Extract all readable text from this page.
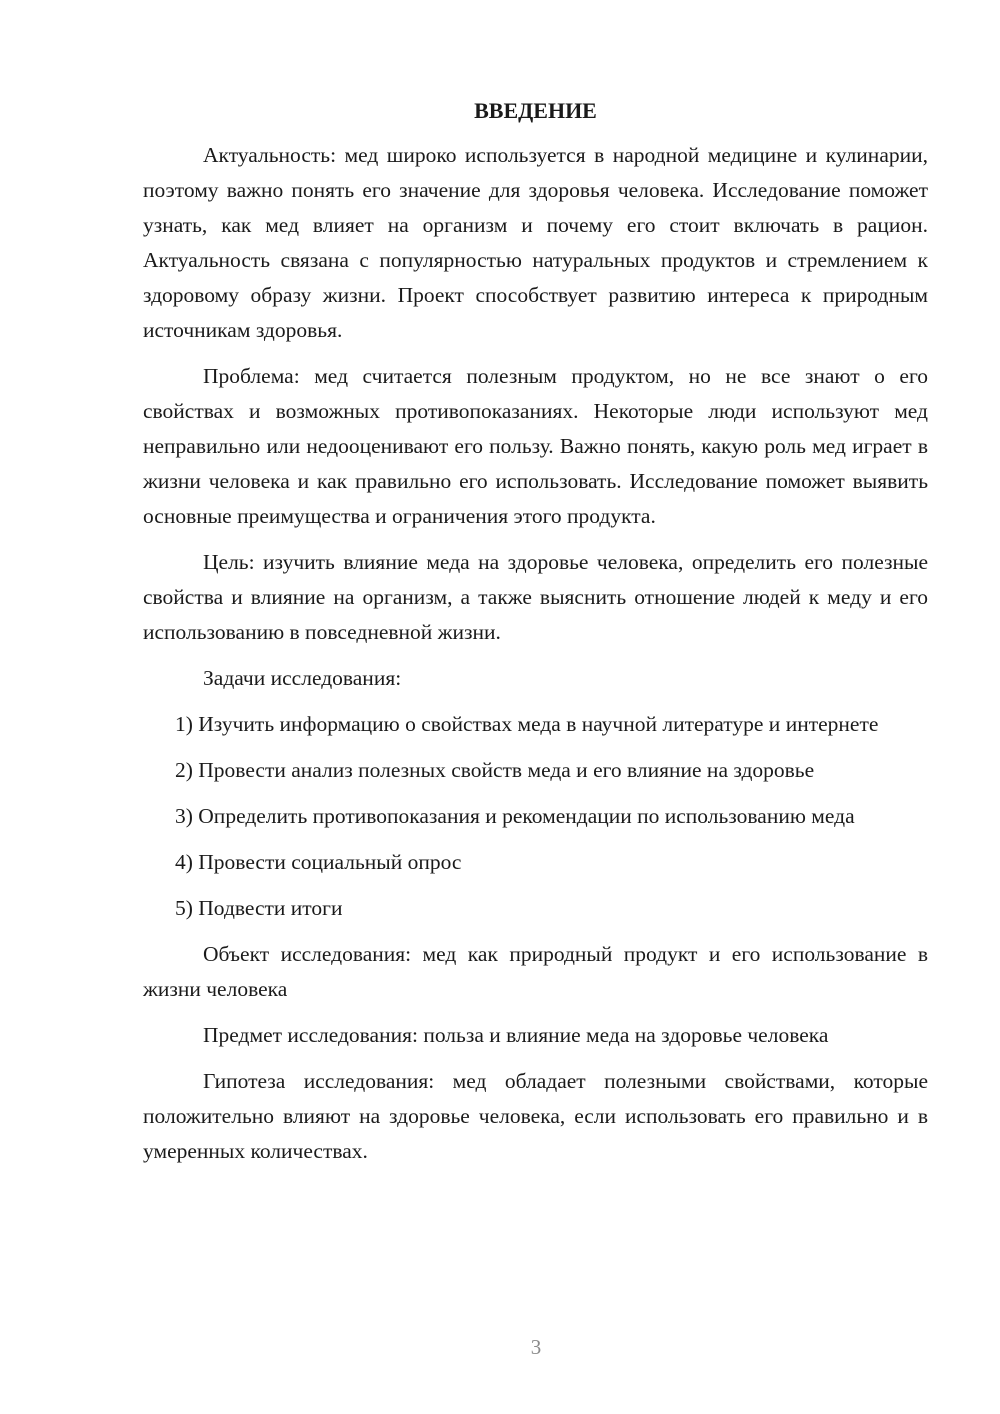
ВВЕДЕНИЕ

Актуальность: мед широко используется в народной медицине и кулинарии, поэтому важно понять его значение для здоровья человека. Исследование поможет узнать, как мед влияет на организм и почему его стоит включать в рацион. Актуальность связана с популярностью натуральных продуктов и стремлением к здоровому образу жизни. Проект способствует развитию интереса к природным источникам здоровья.

Проблема: мед считается полезным продуктом, но не все знают о его свойствах и возможных противопоказаниях. Некоторые люди используют мед неправильно или недооценивают его пользу. Важно понять, какую роль мед играет в жизни человека и как правильно его использовать. Исследование поможет выявить основные преимущества и ограничения этого продукта.

Цель: изучить влияние меда на здоровье человека, определить его полезные свойства и влияние на организм, а также выяснить отношение людей к меду и его использованию в повседневной жизни.

Задачи исследования:

1) Изучить информацию о свойствах меда в научной литературе и интернете

2) Провести анализ полезных свойств меда и его влияние на здоровье

3) Определить противопоказания и рекомендации по использованию меда

4) Провести социальный опрос

5) Подвести итоги

Объект исследования: мед как природный продукт и его использование в жизни человека

Предмет исследования: польза и влияние меда на здоровье человека

Гипотеза исследования: мед обладает полезными свойствами, которые положительно влияют на здоровье человека, если использовать его правильно и в умеренных количествах.

3
